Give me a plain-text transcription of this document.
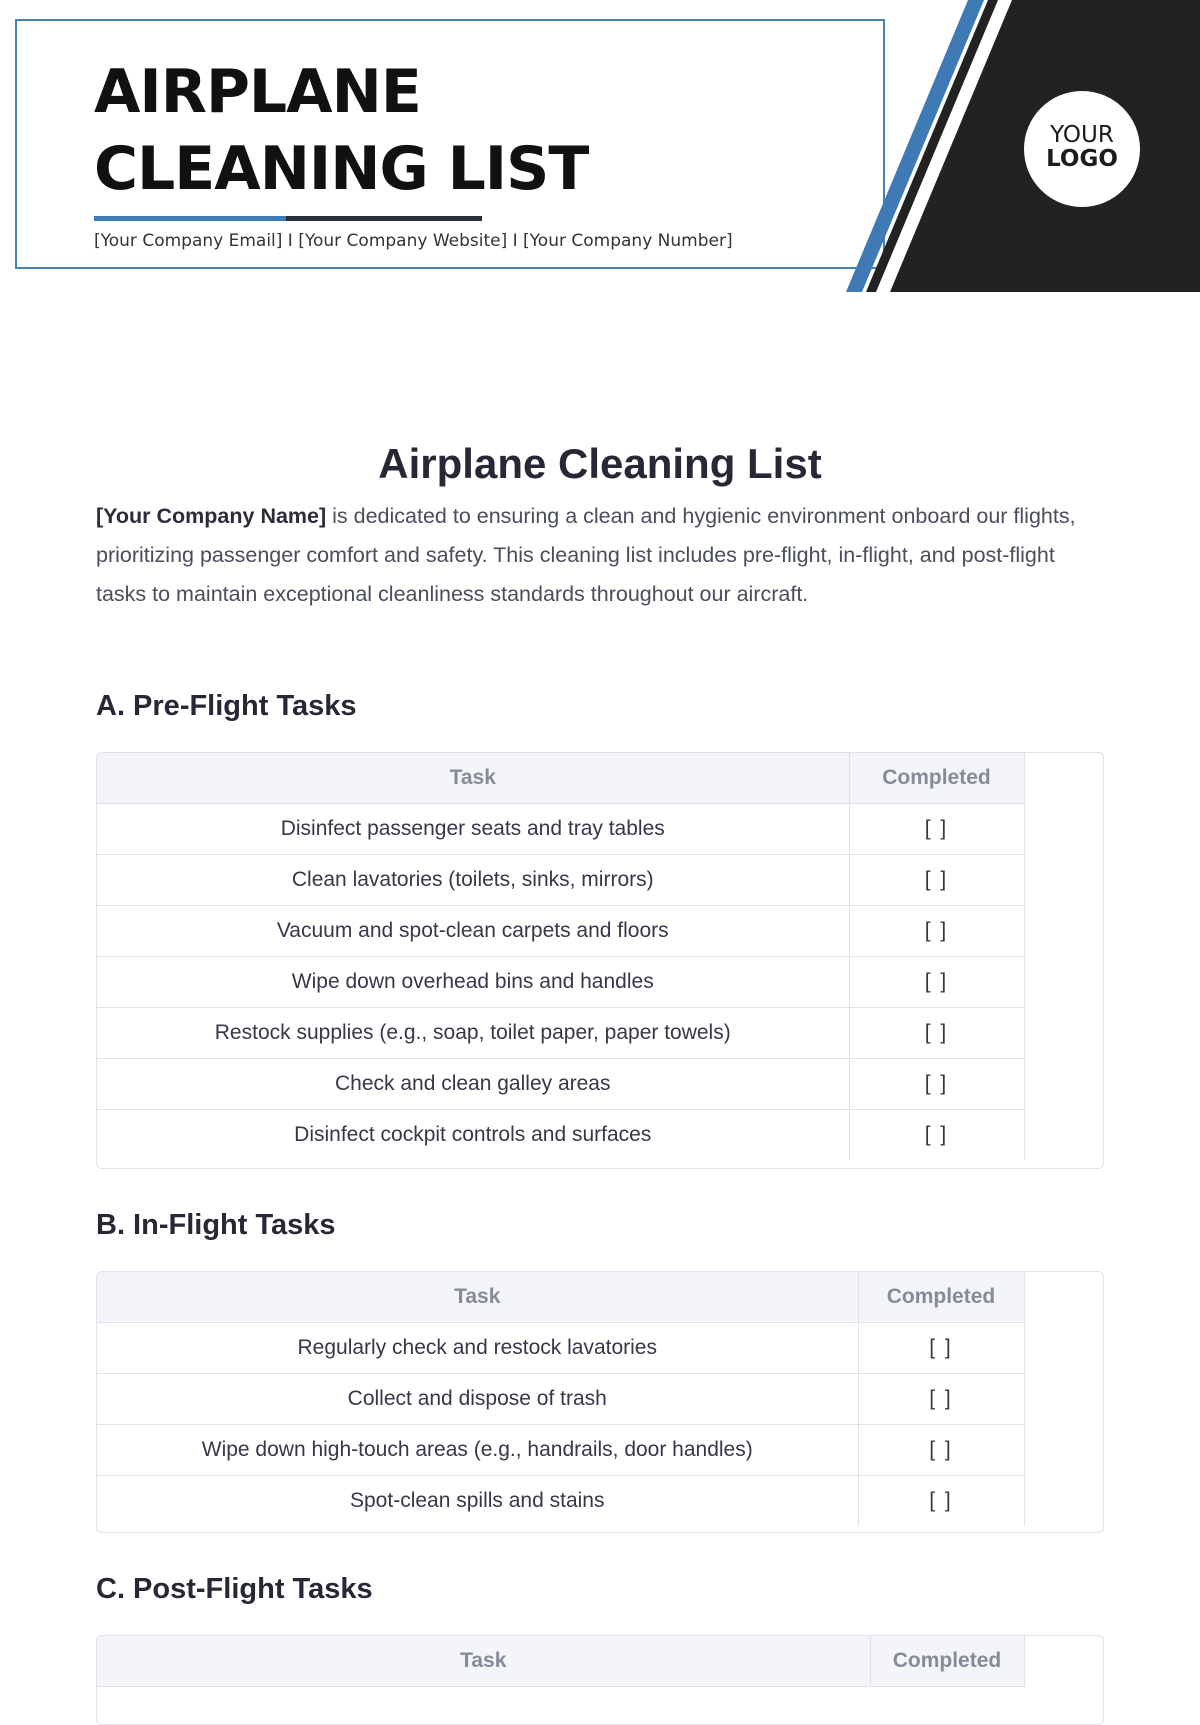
AIRPLANE
CLEANING LIST
[Your Company Email] I [Your Company Website] I [Your Company Number]
YOUR
LOGO
Airplane Cleaning List

[Your Company Name] is dedicated to ensuring a clean and hygienic environment onboard our flights, prioritizing passenger comfort and safety. This cleaning list includes pre-flight, in-flight, and post-flight tasks to maintain exceptional cleanliness standards throughout our aircraft.

A. Pre-Flight Tasks
Task	Completed
Disinfect passenger seats and tray tables	[ ]
Clean lavatories (toilets, sinks, mirrors)	[ ]
Vacuum and spot-clean carpets and floors	[ ]
Wipe down overhead bins and handles	[ ]
Restock supplies (e.g., soap, toilet paper, paper towels)	[ ]
Check and clean galley areas	[ ]
Disinfect cockpit controls and surfaces	[ ]
B. In-Flight Tasks
Task	Completed
Regularly check and restock lavatories	[ ]
Collect and dispose of trash	[ ]
Wipe down high-touch areas (e.g., handrails, door handles)	[ ]
Spot-clean spills and stains	[ ]
C. Post-Flight Tasks
Task	Completed
